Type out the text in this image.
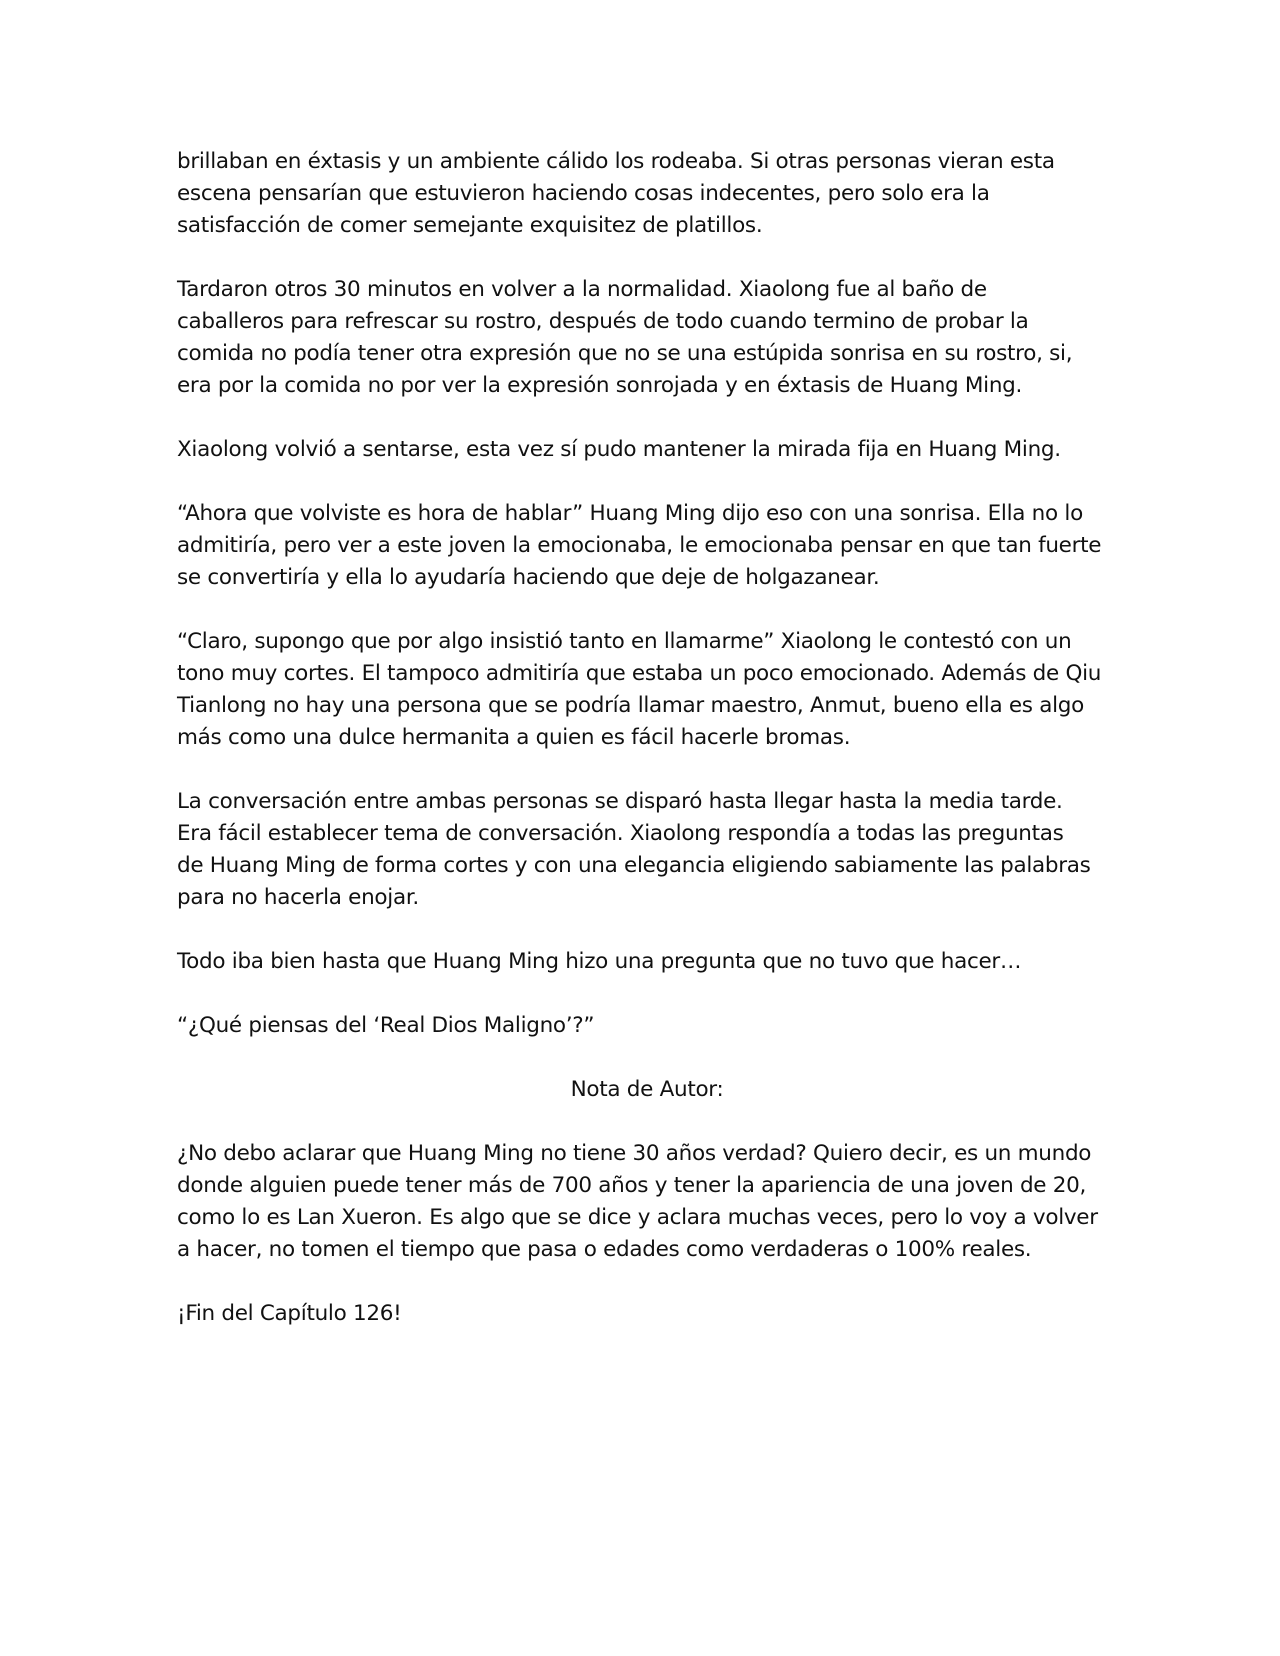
brillaban en éxtasis y un ambiente cálido los rodeaba. Si otras personas vieran esta
escena pensarían que estuvieron haciendo cosas indecentes, pero solo era la
satisfacción de comer semejante exquisitez de platillos.

Tardaron otros 30 minutos en volver a la normalidad. Xiaolong fue al baño de
caballeros para refrescar su rostro, después de todo cuando termino de probar la
comida no podía tener otra expresión que no se una estúpida sonrisa en su rostro, si,
era por la comida no por ver la expresión sonrojada y en éxtasis de Huang Ming.

Xiaolong volvió a sentarse, esta vez sí pudo mantener la mirada fija en Huang Ming.

“Ahora que volviste es hora de hablar” Huang Ming dijo eso con una sonrisa. Ella no lo
admitiría, pero ver a este joven la emocionaba, le emocionaba pensar en que tan fuerte
se convertiría y ella lo ayudaría haciendo que deje de holgazanear.

“Claro, supongo que por algo insistió tanto en llamarme” Xiaolong le contestó con un
tono muy cortes. El tampoco admitiría que estaba un poco emocionado. Además de Qiu
Tianlong no hay una persona que se podría llamar maestro, Anmut, bueno ella es algo
más como una dulce hermanita a quien es fácil hacerle bromas.

La conversación entre ambas personas se disparó hasta llegar hasta la media tarde.
Era fácil establecer tema de conversación. Xiaolong respondía a todas las preguntas
de Huang Ming de forma cortes y con una elegancia eligiendo sabiamente las palabras
para no hacerla enojar.

Todo iba bien hasta que Huang Ming hizo una pregunta que no tuvo que hacer…

“¿Qué piensas del ‘Real Dios Maligno’?”

Nota de Autor:

¿No debo aclarar que Huang Ming no tiene 30 años verdad? Quiero decir, es un mundo
donde alguien puede tener más de 700 años y tener la apariencia de una joven de 20,
como lo es Lan Xueron. Es algo que se dice y aclara muchas veces, pero lo voy a volver
a hacer, no tomen el tiempo que pasa o edades como verdaderas o 100% reales.

¡Fin del Capítulo 126!
